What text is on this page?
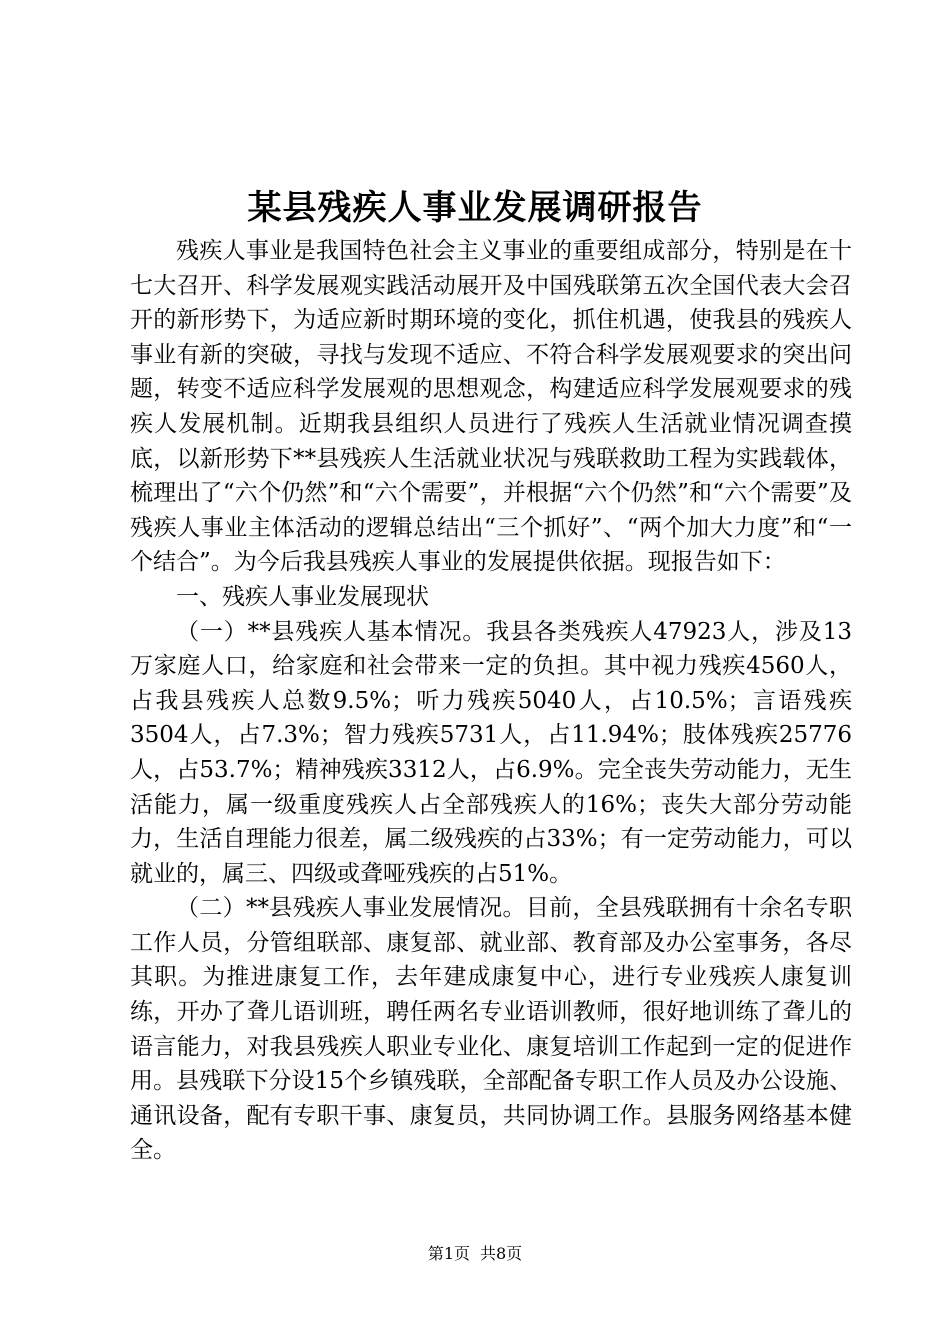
某县残疾人事业发展调研报告

残疾人事业是我国特色社会主义事业的重要组成部分，特别是在十七大召开、科学发展观实践活动展开及中国残联第五次全国代表大会召开的新形势下，为适应新时期环境的变化，抓住机遇，使我县的残疾人事业有新的突破，寻找与发现不适应、不符合科学发展观要求的突出问题，转变不适应科学发展观的思想观念，构建适应科学发展观要求的残疾人发展机制。近期我县组织人员进行了残疾人生活就业情况调查摸底，以新形势下**县残疾人生活就业状况与残联救助工程为实践载体，梳理出了“六个仍然”和“六个需要”，并根据“六个仍然”和“六个需要”及残疾人事业主体活动的逻辑总结出“三个抓好”、“两个加大力度”和“一个结合”。为今后我县残疾人事业的发展提供依据。现报告如下：

一、残疾人事业发展现状

（一）**县残疾人基本情况。我县各类残疾人47923人，涉及13万家庭人口，给家庭和社会带来一定的负担。其中视力残疾4560人，占我县残疾人总数9.5%；听力残疾5040人，占10.5%；言语残疾3504人，占7.3%；智力残疾5731人，占11.94%；肢体残疾25776人，占53.7%；精神残疾3312人，占6.9%。完全丧失劳动能力，无生活能力，属一级重度残疾人占全部残疾人的16%；丧失大部分劳动能力，生活自理能力很差，属二级残疾的占33%；有一定劳动能力，可以就业的，属三、四级或聋哑残疾的占51%。

（二）**县残疾人事业发展情况。目前，全县残联拥有十余名专职工作人员，分管组联部、康复部、就业部、教育部及办公室事务，各尽其职。为推进康复工作，去年建成康复中心，进行专业残疾人康复训练，开办了聋儿语训班，聘任两名专业语训教师，很好地训练了聋儿的语言能力，对我县残疾人职业专业化、康复培训工作起到一定的促进作用。县残联下分设15个乡镇残联，全部配备专职工作人员及办公设施、通讯设备，配有专职干事、康复员，共同协调工作。县服务网络基本健全。

第1页 共8页
